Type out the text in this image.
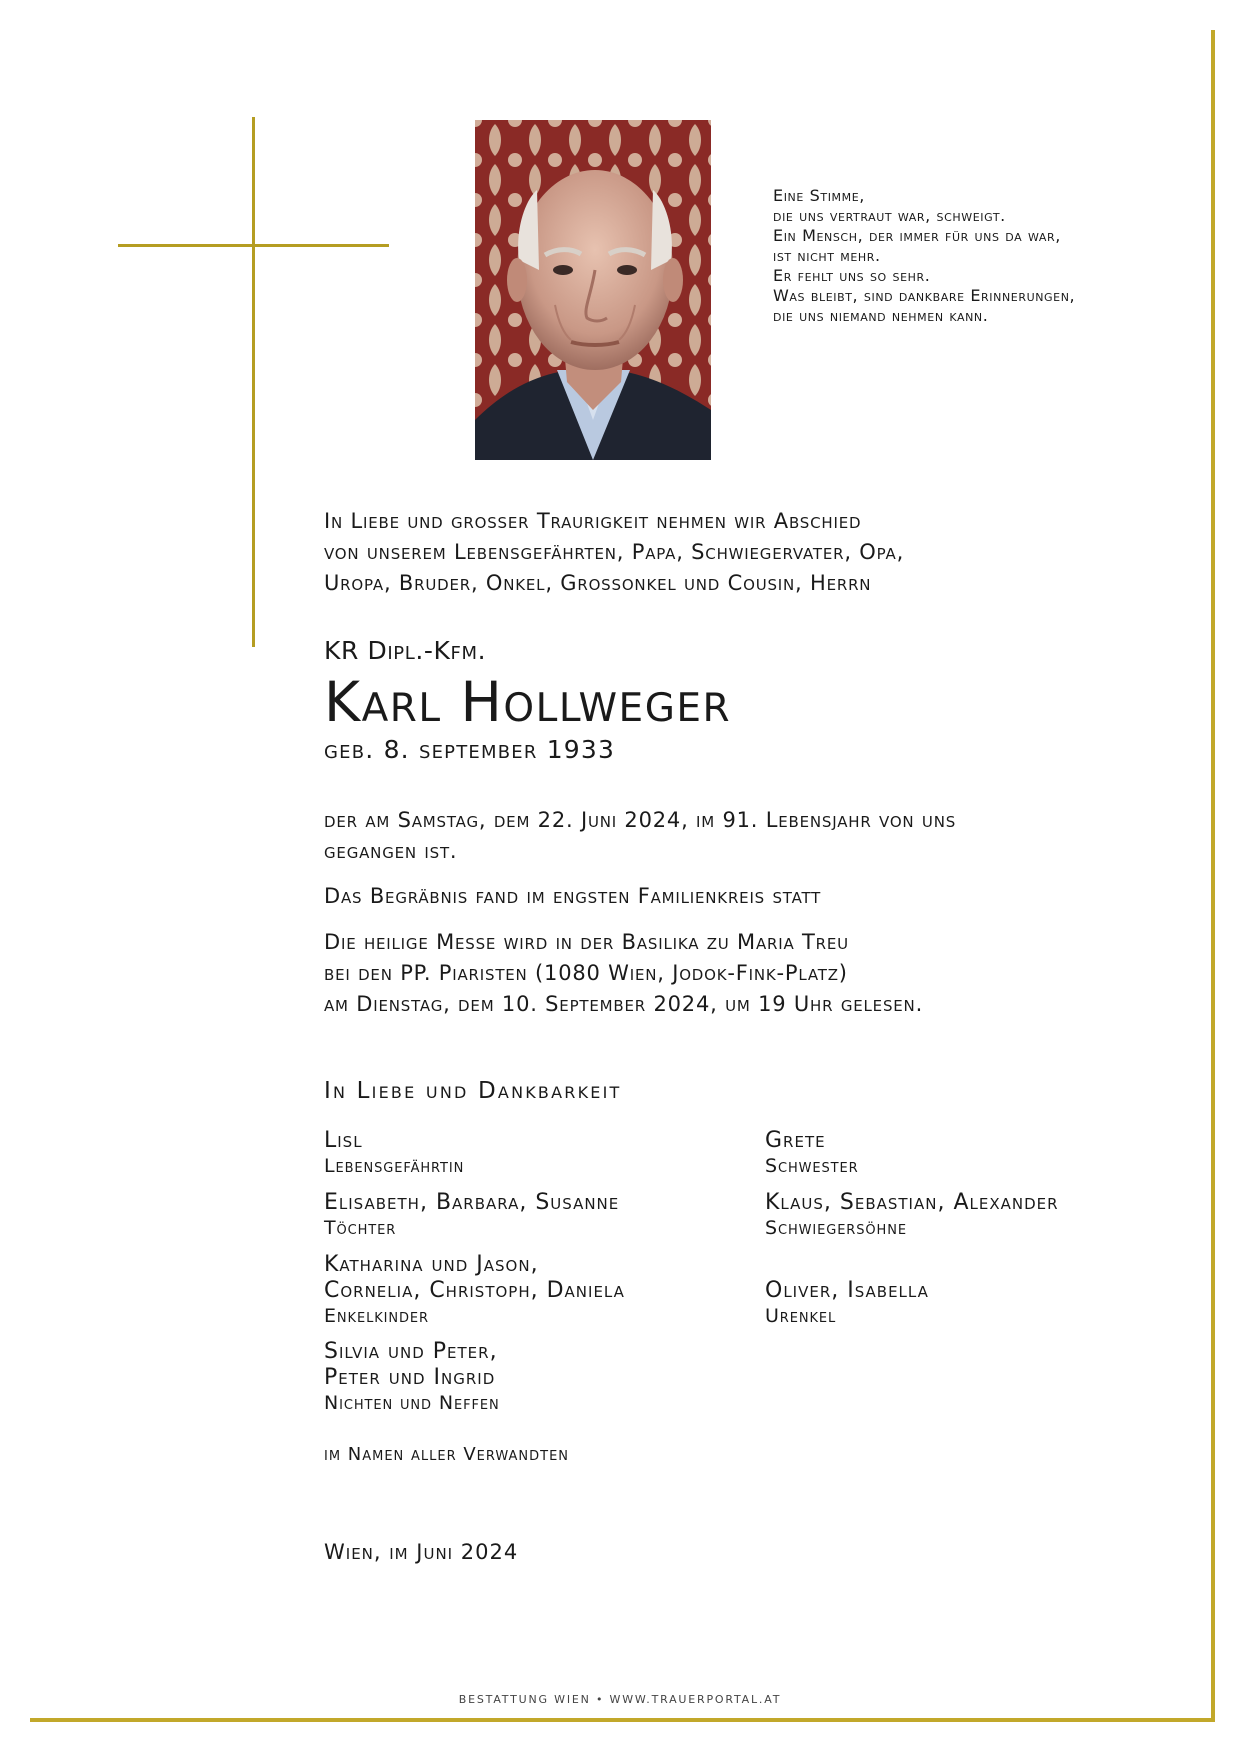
Eine Stimme,
die uns vertraut war, schweigt.
Ein Mensch, der immer für uns da war,
ist nicht mehr.
Er fehlt uns so sehr.
Was bleibt, sind dankbare Erinnerungen,
die uns niemand nehmen kann.
In Liebe und grosser Traurigkeit nehmen wir Abschied
von unserem Lebensgefährten, Papa, Schwiegervater, Opa,
Uropa, Bruder, Onkel, Grossonkel und Cousin, Herrn
KR Dipl.-Kfm.
Karl Hollweger
geb. 8. september 1933
der am Samstag, dem 22. Juni 2024, im 91. Lebensjahr von uns
gegangen ist.
Das Begräbnis fand im engsten Familienkreis statt
Die heilige Messe wird in der Basilika zu Maria Treu
bei den PP. Piaristen (1080 Wien, Jodok-Fink-Platz)
am Dienstag, dem 10. September 2024, um 19 Uhr gelesen.
In Liebe und Dankbarkeit
Lisl
Lebensgefährtin
Grete
Schwester
Elisabeth, Barbara, Susanne
Töchter
Klaus, Sebastian, Alexander
Schwiegersöhne
Katharina und Jason,
Cornelia, Christoph, Daniela
Enkelkinder
Oliver, Isabella
Urenkel
Silvia und Peter,
Peter und Ingrid
Nichten und Neffen
im Namen aller Verwandten
Wien, im Juni 2024
BESTATTUNG WIEN • WWW.TRAUERPORTAL.AT
